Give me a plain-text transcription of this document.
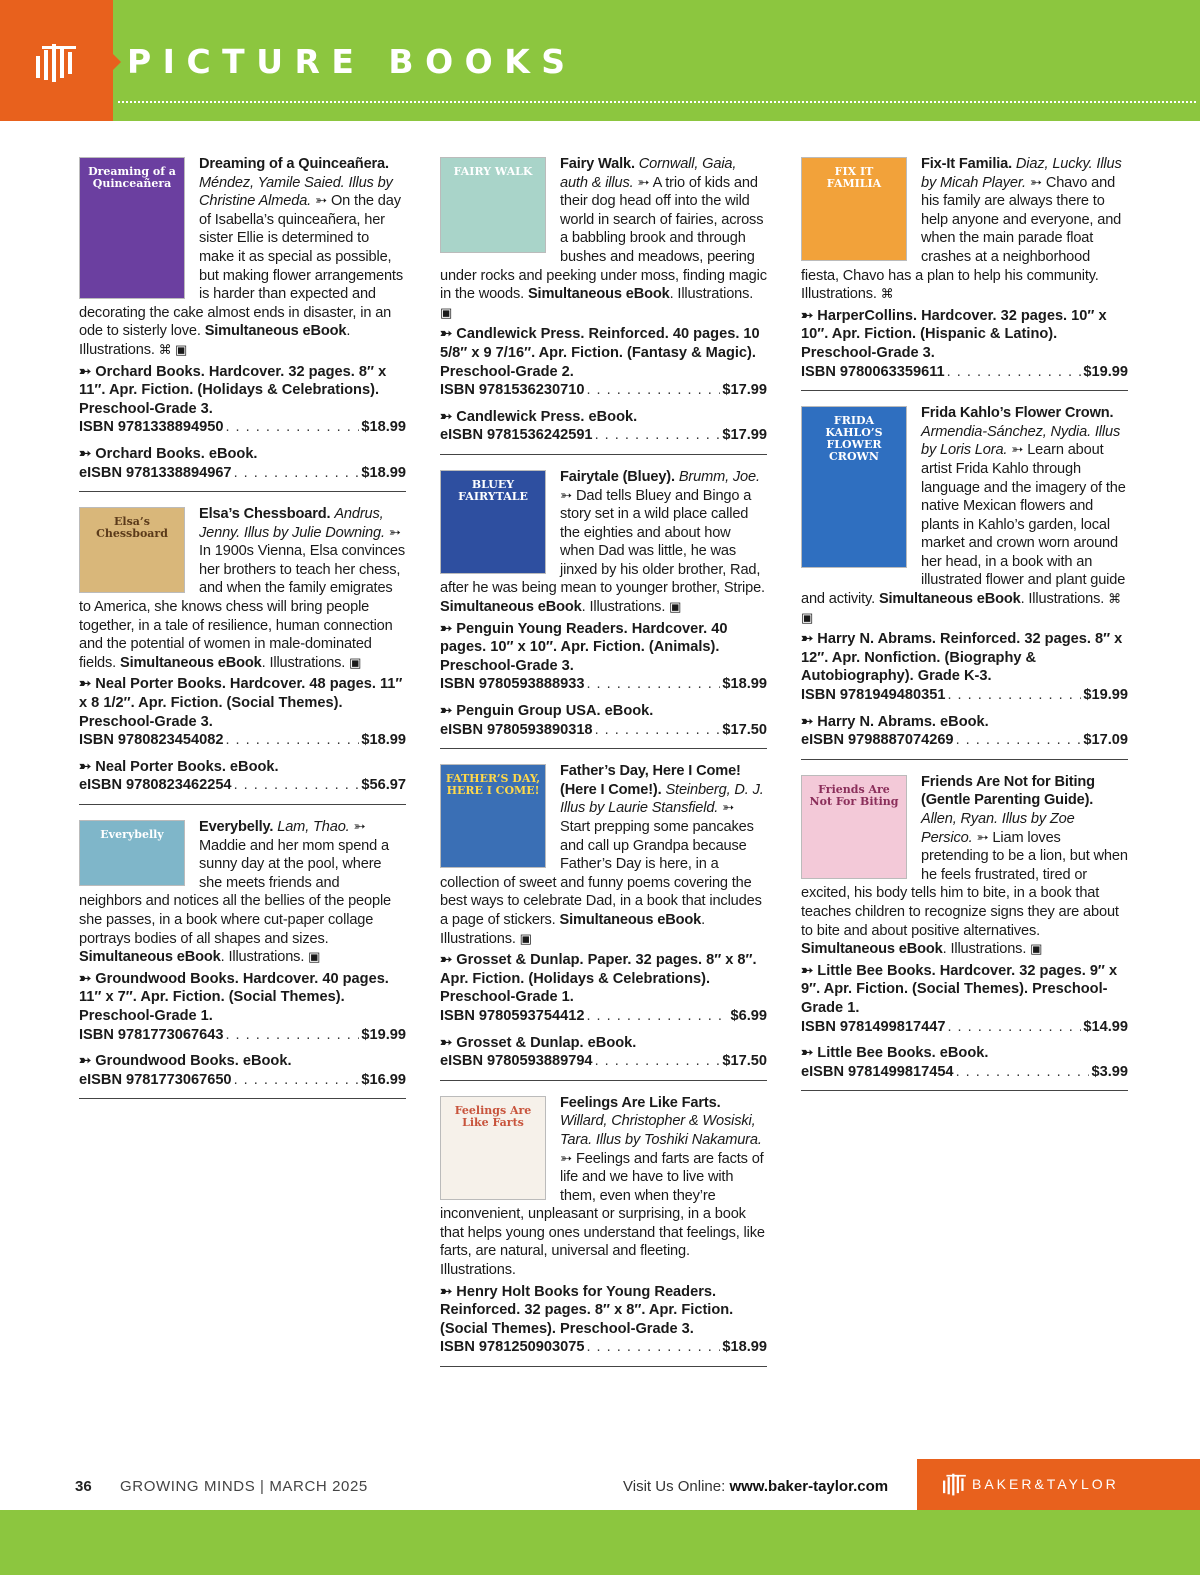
PICTURE BOOKS
Dreaming of a Quinceañera
Dreaming of a Quinceañera. Méndez, Yamile Saied. Illus by Christine Almeda. ➳ On the day of Isabella’s quinceañera, her sister Ellie is determined to make it as special as possible, but making flower arrangements is harder than expected and decorating the cake almost ends in disaster, in an ode to sisterly love. Simultaneous eBook. Illustrations. ⌘ ▣
➳ Orchard Books. Hardcover. 32 pages. 8″ x 11″. Apr. Fiction. (Holidays & Celebrations). Preschool-Grade 3.
ISBN 9781338894950 . . .	$18.99
➳ Orchard Books. eBook.
eISBN 9781338894967 . . .	$18.99
Elsa’s Chessboard
Elsa’s Chessboard. Andrus, Jenny. Illus by Julie Downing. ➳ In 1900s Vienna, Elsa convinces her brothers to teach her chess, and when the family emigrates to America, she knows chess will bring people together, in a tale of resilience, human connection and the potential of women in male-dominated fields. Simultaneous eBook. Illustrations. ▣
➳ Neal Porter Books. Hardcover. 48 pages. 11″ x 8 1/2″. Apr. Fiction. (Social Themes). Preschool-Grade 3.
ISBN 9780823454082 . . .	$18.99
➳ Neal Porter Books. eBook.
eISBN 9780823462254 . . .	$56.97
Everybelly	Everybelly. Lam, Thao. ➳ Maddie and her mom spend a sunny day at the pool, where she meets friends and neighbors and notices all the bellies of the people she passes, in a book where cut-paper collage portrays bodies of all shapes and sizes. Simultaneous eBook. Illustrations. ▣
➳ Groundwood Books. Hardcover. 40 pages. 11″ x 7″. Apr. Fiction. (Social Themes). Preschool-Grade 1.
ISBN 9781773067643 . . .	$19.99
➳ Groundwood Books. eBook.
eISBN 9781773067650 . . .	$16.99
FAIRY WALK	Fairy Walk. Cornwall, Gaia, auth & illus. ➳ A trio of kids and their dog head off into the wild world in search of fairies, across a babbling brook and through bushes and meadows, peering under rocks and peeking under moss, finding magic in the woods. Simultaneous eBook. Illustrations. ▣
➳ Candlewick Press. Reinforced. 40 pages. 10 5/8″ x 9 7/16″. Apr. Fiction. (Fantasy & Magic). Preschool-Grade 2.
ISBN 9781536230710 . . .	$17.99
➳ Candlewick Press. eBook.
eISBN 9781536242591 . . .	$17.99
BLUEY FAIRYTALE
Fairytale (Bluey). Brumm, Joe. ➳ Dad tells Bluey and Bingo a story set in a wild place called the eighties and about how when Dad was little, he was jinxed by his older brother, Rad, after he was being mean to younger brother, Stripe. Simultaneous eBook. Illustrations. ▣
➳ Penguin Young Readers. Hardcover. 40 pages. 10″ x 10″. Apr. Fiction. (Animals). Preschool-Grade 3.
ISBN 9780593888933 . . .	$18.99
➳ Penguin Group USA. eBook.
eISBN 9780593890318 . . .	$17.50
FATHER’S DAY, HERE I COME!
Father’s Day, Here I Come! (Here I Come!). Steinberg, D. J. Illus by Laurie Stansfield. ➳ Start prepping some pancakes and call up Grandpa because Father’s Day is here, in a collection of sweet and funny poems covering the best ways to celebrate Dad, in a book that includes a page of stickers. Simultaneous eBook. Illustrations. ▣
➳ Grosset & Dunlap. Paper. 32 pages. 8″ x 8″. Apr. Fiction. (Holidays & Celebrations). Preschool-Grade 1.
ISBN 9780593754412 . . .	$6.99
➳ Grosset & Dunlap. eBook.
eISBN 9780593889794 . . .	$17.50
Feelings Are Like Farts
Feelings Are Like Farts. Willard, Christopher & Wosiski, Tara. Illus by Toshiki Nakamura. ➳ Feelings and farts are facts of life and we have to live with them, even when they’re inconvenient, unpleasant or surprising, in a book that helps young ones understand that feelings, like farts, are natural, universal and fleeting. Illustrations.
➳ Henry Holt Books for Young Readers. Reinforced. 32 pages. 8″ x 8″. Apr. Fiction. (Social Themes). Preschool-Grade 3.
ISBN 9781250903075 . . .	$18.99
FIX IT FAMILIA
Fix-It Familia. Diaz, Lucky. Illus by Micah Player. ➳ Chavo and his family are always there to help anyone and everyone, and when the main parade float crashes at a neighborhood fiesta, Chavo has a plan to help his community. Illustrations. ⌘
➳ HarperCollins. Hardcover. 32 pages. 10″ x 10″. Apr. Fiction. (Hispanic & Latino). Preschool-Grade 3.
ISBN 9780063359611 . . .	$19.99
FRIDA KAHLO’S FLOWER CROWN
Frida Kahlo’s Flower Crown. Armendia-Sánchez, Nydia. Illus by Loris Lora. ➳ Learn about artist Frida Kahlo through language and the imagery of the native Mexican flowers and plants in Kahlo’s garden, local market and crown worn around her head, in a book with an illustrated flower and plant guide and activity. Simultaneous eBook. Illustrations. ⌘ ▣
➳ Harry N. Abrams. Reinforced. 32 pages. 8″ x 12″. Apr. Nonfiction. (Biography & Autobiography). Grade K-3.
ISBN 9781949480351 . . .	$19.99
➳ Harry N. Abrams. eBook.
eISBN 9798887074269 . . .	$17.09
Friends Are Not For Biting
Friends Are Not for Biting (Gentle Parenting Guide). Allen, Ryan. Illus by Zoe Persico. ➳ Liam loves pretending to be a lion, but when he feels frustrated, tired or excited, his body tells him to bite, in a book that teaches children to recognize signs they are about to bite and about positive alternatives. Simultaneous eBook. Illustrations. ▣
➳ Little Bee Books. Hardcover. 32 pages. 9″ x 9″. Apr. Fiction. (Social Themes). Preschool-Grade 1.
ISBN 9781499817447 . . .	$14.99
➳ Little Bee Books. eBook.
eISBN 9781499817454 . . .	$3.99
36 GROWING MINDS | MARCH 2025	Visit Us Online: www.baker-taylor.com	BAKER&TAYLOR
